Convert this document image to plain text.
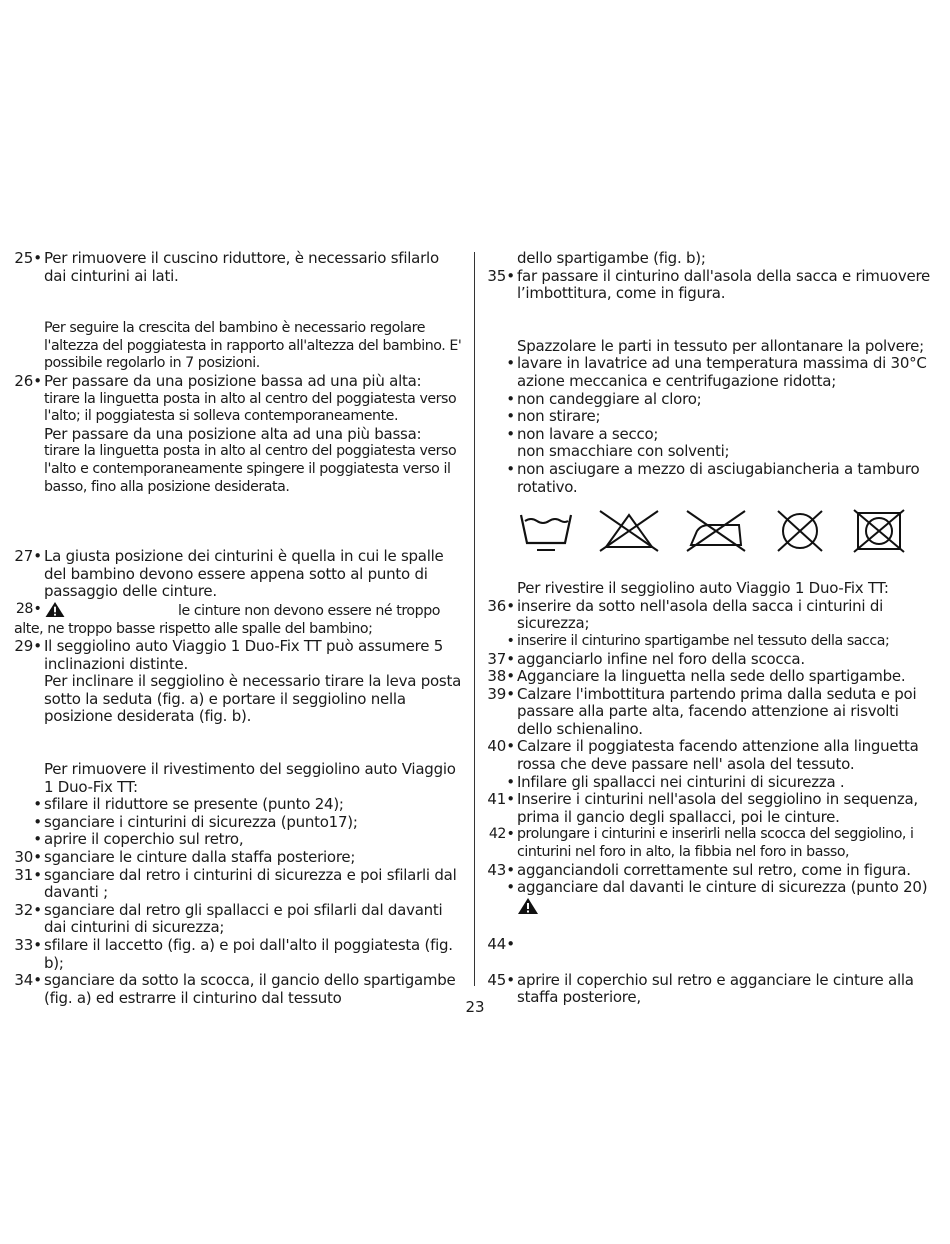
25• Per rimuovere il cuscino riduttore, è necessario sfilarlo dai cinturini ai lati.
Per seguire la crescita del bambino è necessario regolare l'altezza del poggiatesta in rapporto all'altezza del bambino. E' possibile regolarlo in 7 posizioni.
26• Per passare da una posizione bassa ad una più alta:
tirare la linguetta posta in alto al centro del poggiatesta verso l'alto; il poggiatesta si solleva contemporaneamente.
Per passare da una posizione alta ad una più bassa:
tirare la linguetta posta in alto al centro del poggiatesta verso l'alto e contemporaneamente spingere il poggiatesta verso il basso, fino alla posizione desiderata.
27• La giusta posizione dei cinturini è quella in cui le spalle del bambino devono essere appena sotto al punto di passaggio delle cinture.
28•	le cinture non devono essere né troppo
alte, ne troppo basse rispetto alle spalle del bambino;
29• Il seggiolino auto Viaggio 1 Duo-Fix TT può assumere 5 inclinazioni distinte.
Per inclinare il seggiolino è necessario tirare la leva posta sotto la seduta (fig. a) e portare il seggiolino nella posizione desiderata (fig. b).
Per rimuovere il rivestimento del seggiolino auto Viaggio 1 Duo-Fix TT:
• sfilare il riduttore se presente (punto 24);
• sganciare i cinturini di sicurezza (punto17);
• aprire il coperchio sul retro,
30• sganciare le cinture dalla staffa posteriore;
31• sganciare dal retro i cinturini di sicurezza e poi sfilarli dal davanti ;
32• sganciare dal retro gli spallacci e poi sfilarli dal davanti dai cinturini di sicurezza;
33• sfilare il laccetto (fig. a) e poi dall'alto il poggiatesta (fig. b);
34• sganciare da sotto la scocca, il gancio dello spartigambe (fig. a) ed estrarre il cinturino dal tessuto
dello spartigambe (fig. b);
35• far passare il cinturino dall'asola della sacca e rimuovere l’imbottitura, come in figura.
Spazzolare le parti in tessuto per allontanare la polvere;
• lavare in lavatrice ad una temperatura massima di 30°C azione meccanica e centrifugazione ridotta;
• non candeggiare al cloro;
• non stirare;
• non lavare a secco;
non smacchiare con solventi;
• non asciugare a mezzo di asciugabiancheria a tamburo rotativo.
Per rivestire il seggiolino auto Viaggio 1 Duo-Fix TT:
36• inserire da sotto nell'asola della sacca i cinturini di sicurezza;
• inserire il cinturino spartigambe nel tessuto della sacca;
37• agganciarlo infine nel foro della scocca.
38• Agganciare la linguetta nella sede dello spartigambe.
39• Calzare l'imbottitura partendo prima dalla seduta e poi passare alla parte alta, facendo attenzione ai risvolti dello schienalino.
40• Calzare il poggiatesta facendo attenzione alla linguetta rossa che deve passare nell' asola del tessuto.
• Infilare gli spallacci nei cinturini di sicurezza .
41• Inserire i cinturini nell'asola del seggiolino in sequenza, prima il gancio degli spallacci, poi le cinture.
42• prolungare i cinturini e inserirli nella scocca del seggiolino, i cinturini nel foro in alto, la fibbia nel foro in basso,
43• agganciandoli correttamente sul retro, come in figura.
• agganciare dal davanti le cinture di sicurezza (punto 20)
44•
45• aprire il coperchio sul retro e agganciare le cinture alla staffa posteriore,
23
